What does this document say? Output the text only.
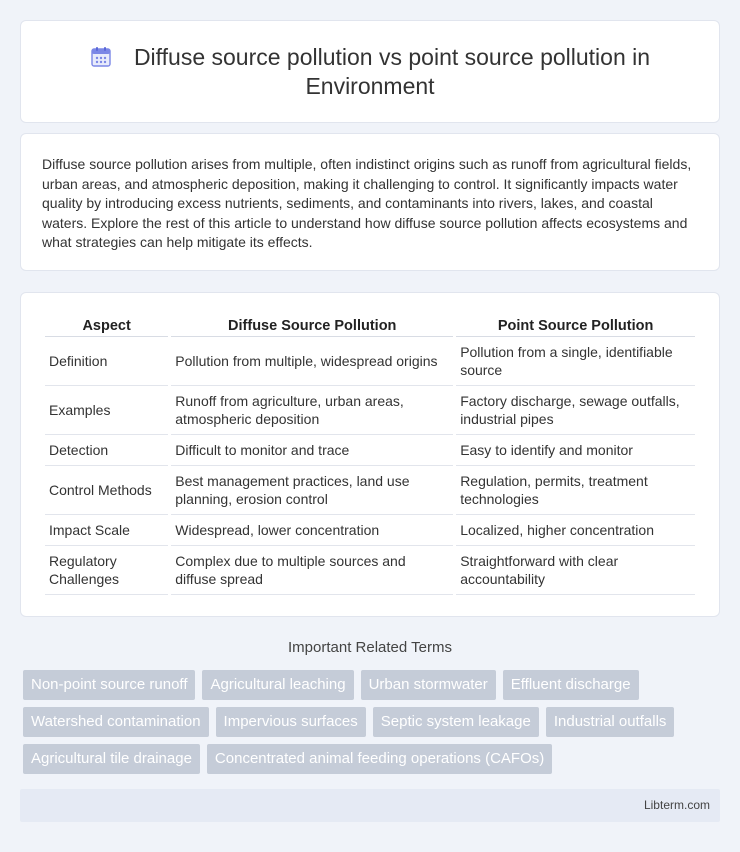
Diffuse source pollution vs point source pollution in Environment

Diffuse source pollution arises from multiple, often indistinct origins such as runoff from agricultural fields, urban areas, and atmospheric deposition, making it challenging to control. It significantly impacts water quality by introducing excess nutrients, sediments, and contaminants into rivers, lakes, and coastal waters. Explore the rest of this article to understand how diffuse source pollution affects ecosystems and what strategies can help mitigate its effects.

Aspect	Diffuse Source Pollution	Point Source Pollution
Definition	Pollution from multiple, widespread origins	Pollution from a single, identifiable source
Examples	Runoff from agriculture, urban areas, atmospheric deposition	Factory discharge, sewage outfalls, industrial pipes
Detection	Difficult to monitor and trace	Easy to identify and monitor
Control Methods	Best management practices, land use planning, erosion control	Regulation, permits, treatment technologies
Impact Scale	Widespread, lower concentration	Localized, higher concentration
Regulatory Challenges	Complex due to multiple sources and diffuse spread	Straightforward with clear accountability
Important Related Terms
Non-point source runoff	Agricultural leaching	Urban stormwater	Effluent discharge
Watershed contamination	Impervious surfaces	Septic system leakage	Industrial outfalls
Agricultural tile drainage	Concentrated animal feeding operations (CAFOs)
Libterm.com
